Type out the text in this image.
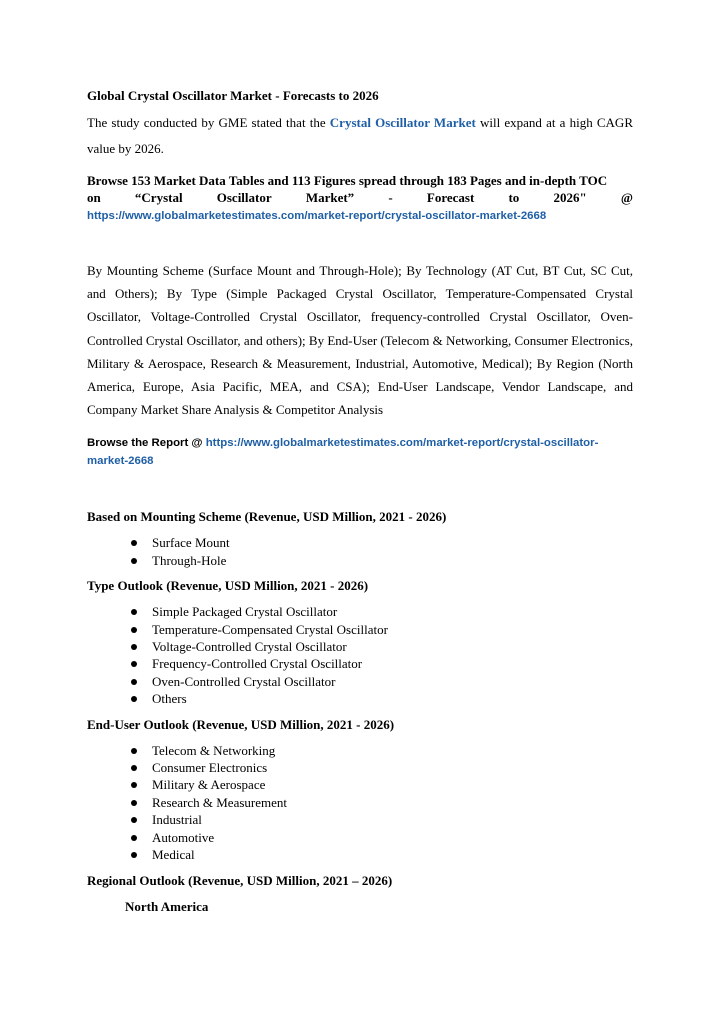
Global Crystal Oscillator Market - Forecasts to 2026

The study conducted by GME stated that the Crystal Oscillator Market will expand at a high CAGR value by 2026.

Browse 153 Market Data Tables and 113 Figures spread through 183 Pages and in-depth TOC
on	“Crystal	Oscillator	Market”	-	Forecast	to	2026"	@
https://www.globalmarketestimates.com/market-report/crystal-oscillator-market-2668

By Mounting Scheme (Surface Mount and Through-Hole); By Technology (AT Cut, BT Cut, SC Cut, and Others); By Type (Simple Packaged Crystal Oscillator, Temperature-Compensated Crystal Oscillator, Voltage-Controlled Crystal Oscillator, frequency-controlled Crystal Oscillator, Oven-Controlled Crystal Oscillator, and others); By End-User (Telecom & Networking, Consumer Electronics, Military & Aerospace, Research & Measurement, Industrial, Automotive, Medical); By Region (North America, Europe, Asia Pacific, MEA, and CSA); End-User Landscape, Vendor Landscape, and Company Market Share Analysis & Competitor Analysis

Browse the Report @ https://www.globalmarketestimates.com/market-report/crystal-oscillator-market-2668
Based on Mounting Scheme (Revenue, USD Million, 2021 - 2026)
Surface Mount
Through-Hole
Type Outlook (Revenue, USD Million, 2021 - 2026)
Simple Packaged Crystal Oscillator
Temperature-Compensated Crystal Oscillator
Voltage-Controlled Crystal Oscillator
Frequency-Controlled Crystal Oscillator
Oven-Controlled Crystal Oscillator
Others
End-User Outlook (Revenue, USD Million, 2021 - 2026)
Telecom & Networking
Consumer Electronics
Military & Aerospace
Research & Measurement
Industrial
Automotive
Medical
Regional Outlook (Revenue, USD Million, 2021 – 2026)
North America
